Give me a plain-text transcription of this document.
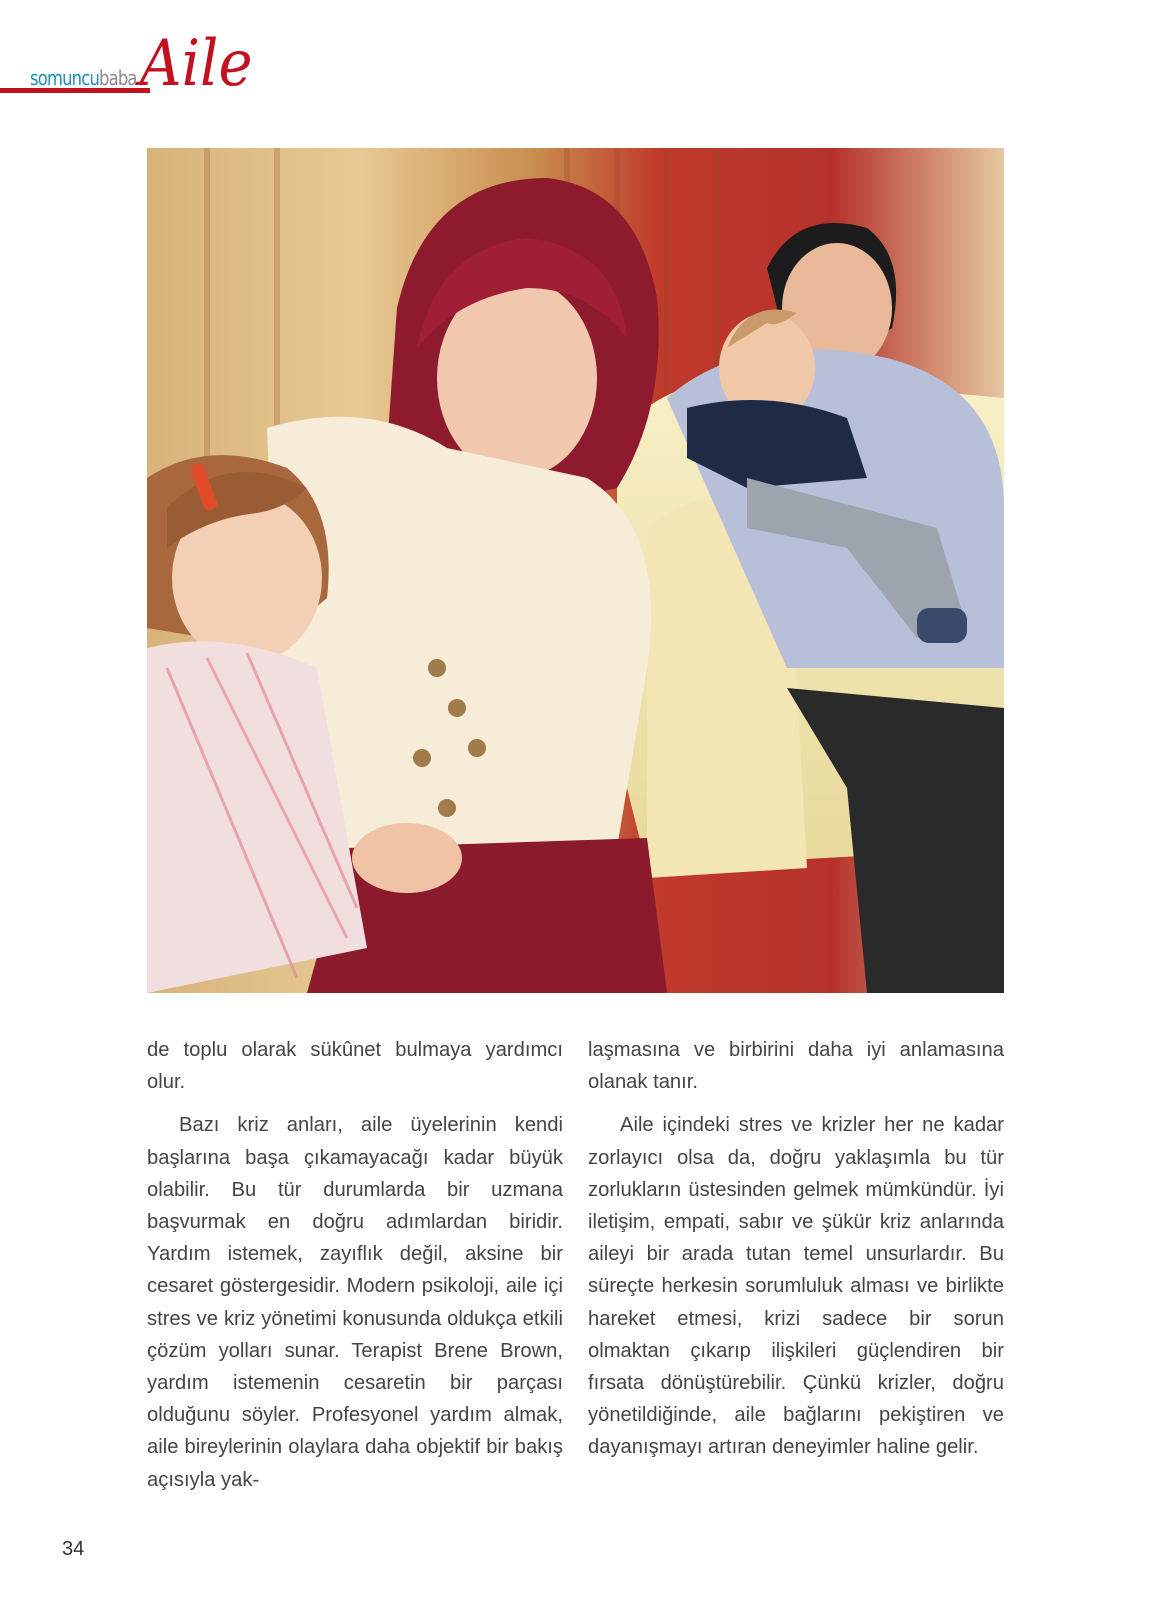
somuncubaba Aile

de toplu olarak sükûnet bulmaya yardımcı olur.

Bazı kriz anları, aile üyelerinin kendi başlarına başa çıkamayacağı kadar büyük olabilir. Bu tür durumlarda bir uzmana başvurmak en doğru adımlardan biridir. Yardım istemek, zayıflık değil, aksine bir cesaret göstergesidir. Modern psikoloji, aile içi stres ve kriz yönetimi konusunda oldukça etkili çözüm yolları sunar. Terapist Brene Brown, yardım istemenin cesaretin bir parçası olduğunu söyler. Profesyonel yardım almak, aile bireylerinin olaylara daha objektif bir bakış açısıyla yak-

laşmasına ve birbirini daha iyi anlamasına olanak tanır.

Aile içindeki stres ve krizler her ne kadar zorlayıcı olsa da, doğru yaklaşımla bu tür zorlukların üstesinden gelmek mümkündür. İyi iletişim, empati, sabır ve şükür kriz anlarında aileyi bir arada tutan temel unsurlardır. Bu süreçte herkesin sorumluluk alması ve birlikte hareket etmesi, krizi sadece bir sorun olmaktan çıkarıp ilişkileri güçlendiren bir fırsata dönüştürebilir. Çünkü krizler, doğru yönetildiğinde, aile bağlarını pekiştiren ve dayanışmayı artıran deneyimler haline gelir.

34
